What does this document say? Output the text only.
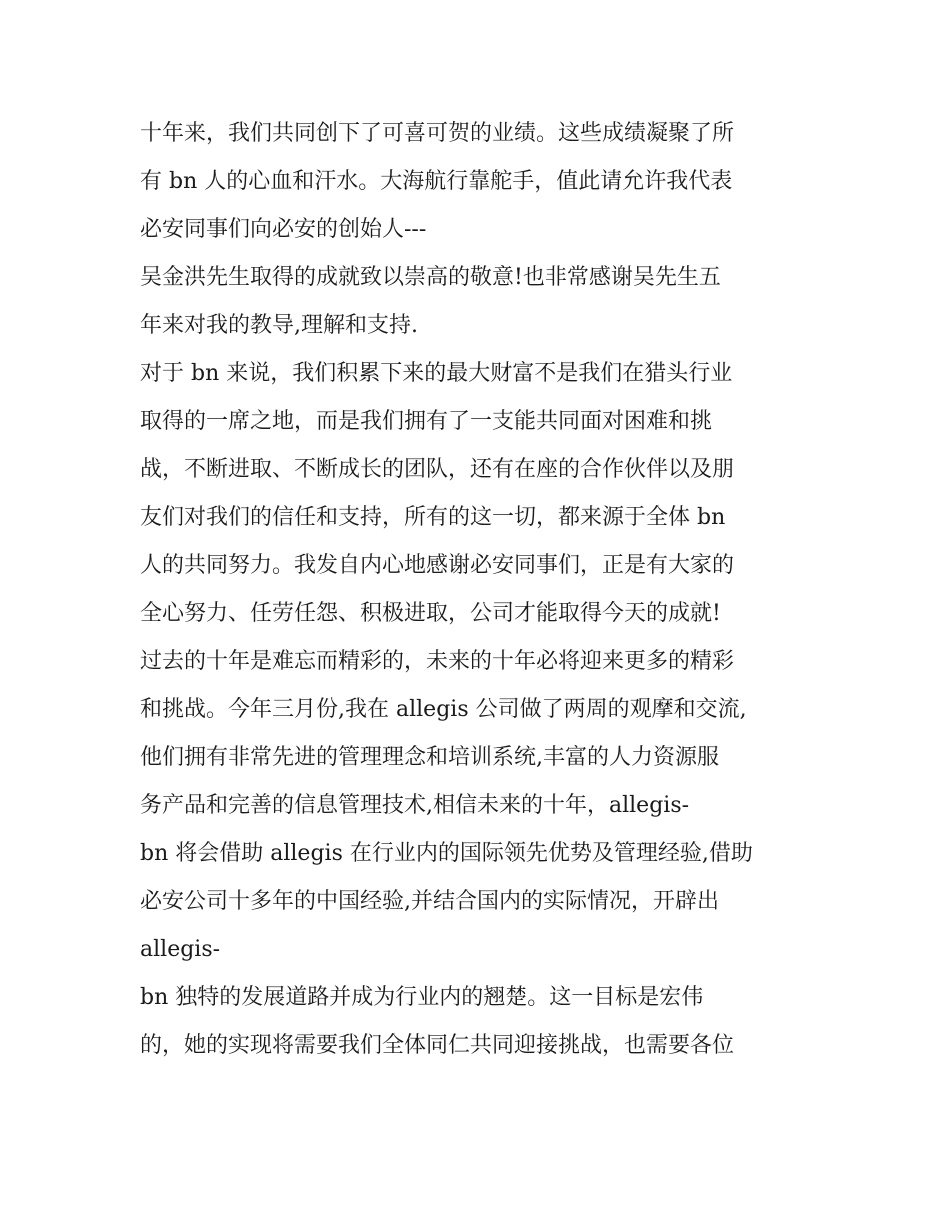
十年来，我们共同创下了可喜可贺的业绩。这些成绩凝聚了所
有 bn 人的心血和汗水。大海航行靠舵手，值此请允许我代表
必安同事们向必安的创始人---
吴金洪先生取得的成就致以崇高的敬意!也非常感谢吴先生五
年来对我的教导,理解和支持.
对于 bn 来说，我们积累下来的最大财富不是我们在猎头行业
取得的一席之地，而是我们拥有了一支能共同面对困难和挑
战，不断进取、不断成长的团队，还有在座的合作伙伴以及朋
友们对我们的信任和支持，所有的这一切，都来源于全体 bn
人的共同努力。我发自内心地感谢必安同事们，正是有大家的
全心努力、任劳任怨、积极进取，公司才能取得今天的成就!
过去的十年是难忘而精彩的，未来的十年必将迎来更多的精彩
和挑战。今年三月份,我在 allegis 公司做了两周的观摩和交流,
他们拥有非常先进的管理理念和培训系统,丰富的人力资源服
务产品和完善的信息管理技术,相信未来的十年，allegis-
bn 将会借助 allegis 在行业内的国际领先优势及管理经验,借助
必安公司十多年的中国经验,并结合国内的实际情况，开辟出
allegis-
bn 独特的发展道路并成为行业内的翘楚。这一目标是宏伟
的，她的实现将需要我们全体同仁共同迎接挑战，也需要各位
